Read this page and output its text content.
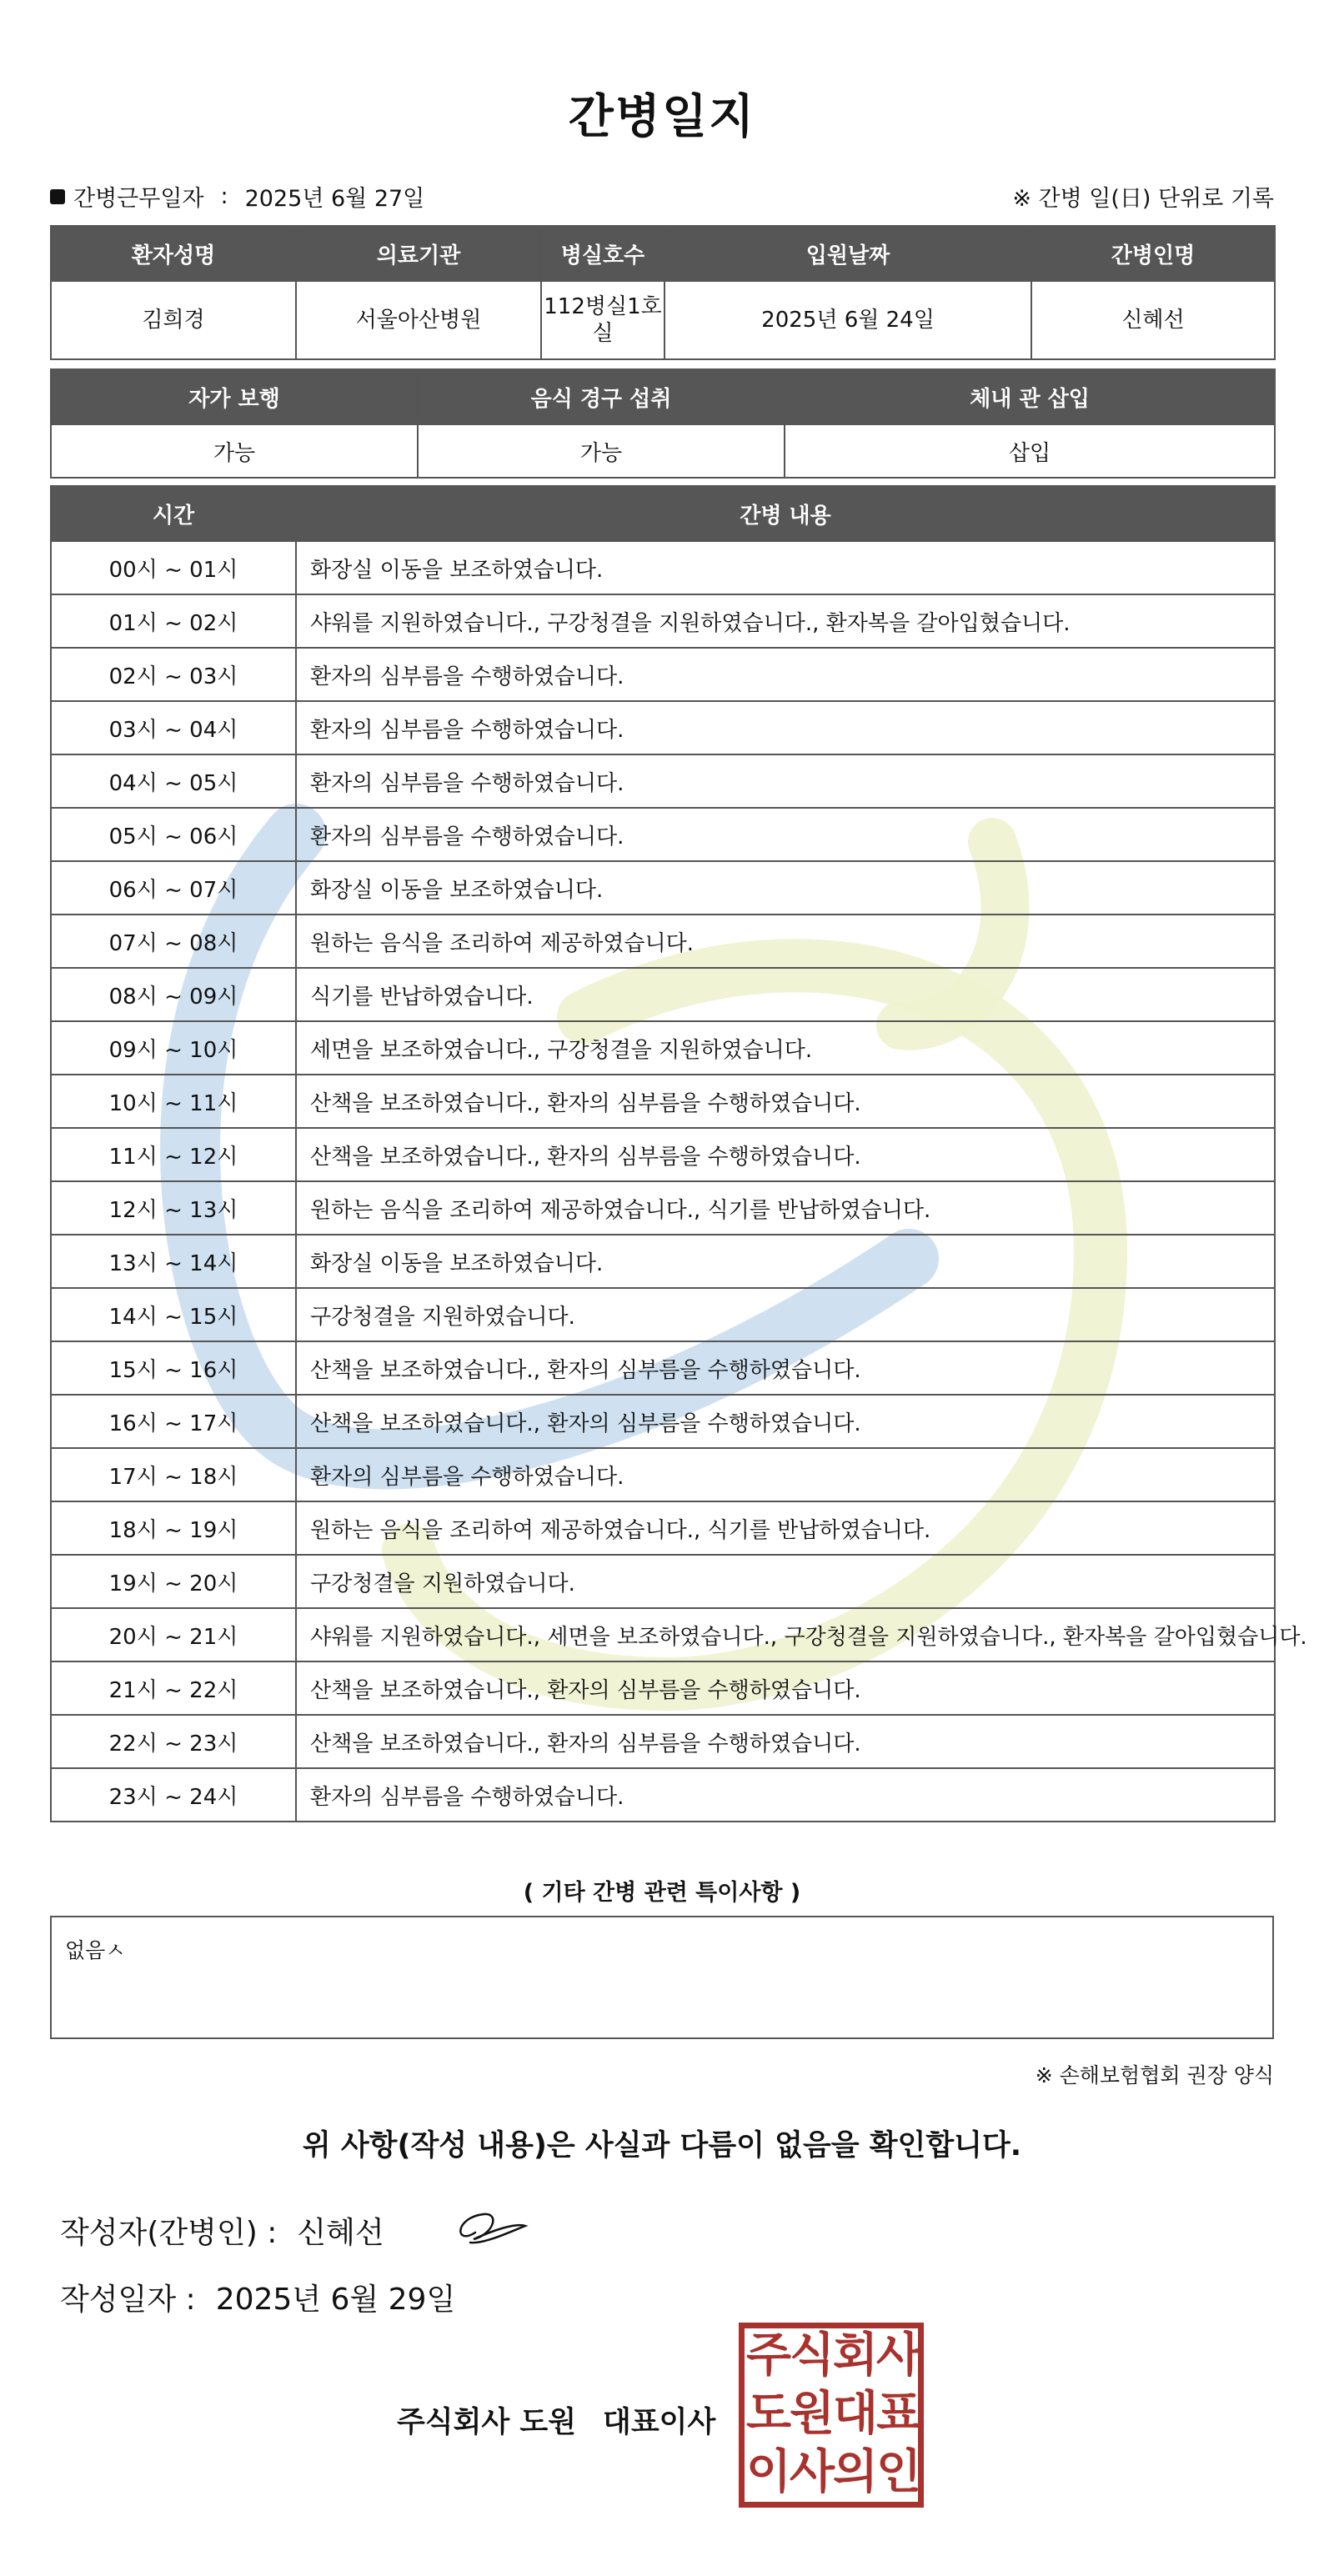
간병일지
간병근무일자 : 2025년 6월 27일	※ 간병 일(日) 단위로 기록
환자성명	의료기관	병실호수	입원날짜	간병인명
김희경	서울아산병원	112병실1호실	2025년 6월 24일	신혜선
자가 보행	음식 경구 섭취	체내 관 삽입
가능	가능	삽입
시간	간병 내용
00시 ~ 01시	화장실 이동을 보조하였습니다.
01시 ~ 02시	샤워를 지원하였습니다., 구강청결을 지원하였습니다., 환자복을 갈아입혔습니다.
02시 ~ 03시	환자의 심부름을 수행하였습니다.
03시 ~ 04시	환자의 심부름을 수행하였습니다.
04시 ~ 05시	환자의 심부름을 수행하였습니다.
05시 ~ 06시	환자의 심부름을 수행하였습니다.
06시 ~ 07시	화장실 이동을 보조하였습니다.
07시 ~ 08시	원하는 음식을 조리하여 제공하였습니다.
08시 ~ 09시	식기를 반납하였습니다.
09시 ~ 10시	세면을 보조하였습니다., 구강청결을 지원하였습니다.
10시 ~ 11시	산책을 보조하였습니다., 환자의 심부름을 수행하였습니다.
11시 ~ 12시	산책을 보조하였습니다., 환자의 심부름을 수행하였습니다.
12시 ~ 13시	원하는 음식을 조리하여 제공하였습니다., 식기를 반납하였습니다.
13시 ~ 14시	화장실 이동을 보조하였습니다.
14시 ~ 15시	구강청결을 지원하였습니다.
15시 ~ 16시	산책을 보조하였습니다., 환자의 심부름을 수행하였습니다.
16시 ~ 17시	산책을 보조하였습니다., 환자의 심부름을 수행하였습니다.
17시 ~ 18시	환자의 심부름을 수행하였습니다.
18시 ~ 19시	원하는 음식을 조리하여 제공하였습니다., 식기를 반납하였습니다.
19시 ~ 20시	구강청결을 지원하였습니다.
20시 ~ 21시	샤워를 지원하였습니다., 세면을 보조하였습니다., 구강청결을 지원하였습니다., 환자복을 갈아입혔습니다.
21시 ~ 22시	산책을 보조하였습니다., 환자의 심부름을 수행하였습니다.
22시 ~ 23시	산책을 보조하였습니다., 환자의 심부름을 수행하였습니다.
23시 ~ 24시	환자의 심부름을 수행하였습니다.
( 기타 간병 관련 특이사항 )
없음ㅅ
※ 손해보험협회 권장 양식
위 사항(작성 내용)은 사실과 다름이 없음을 확인합니다.
작성자(간병인) : 신혜선
작성일자 : 2025년 6월 29일
주식회사 도원 대표이사
주
식
회
사
도
원
대
표
이
사
의
인
